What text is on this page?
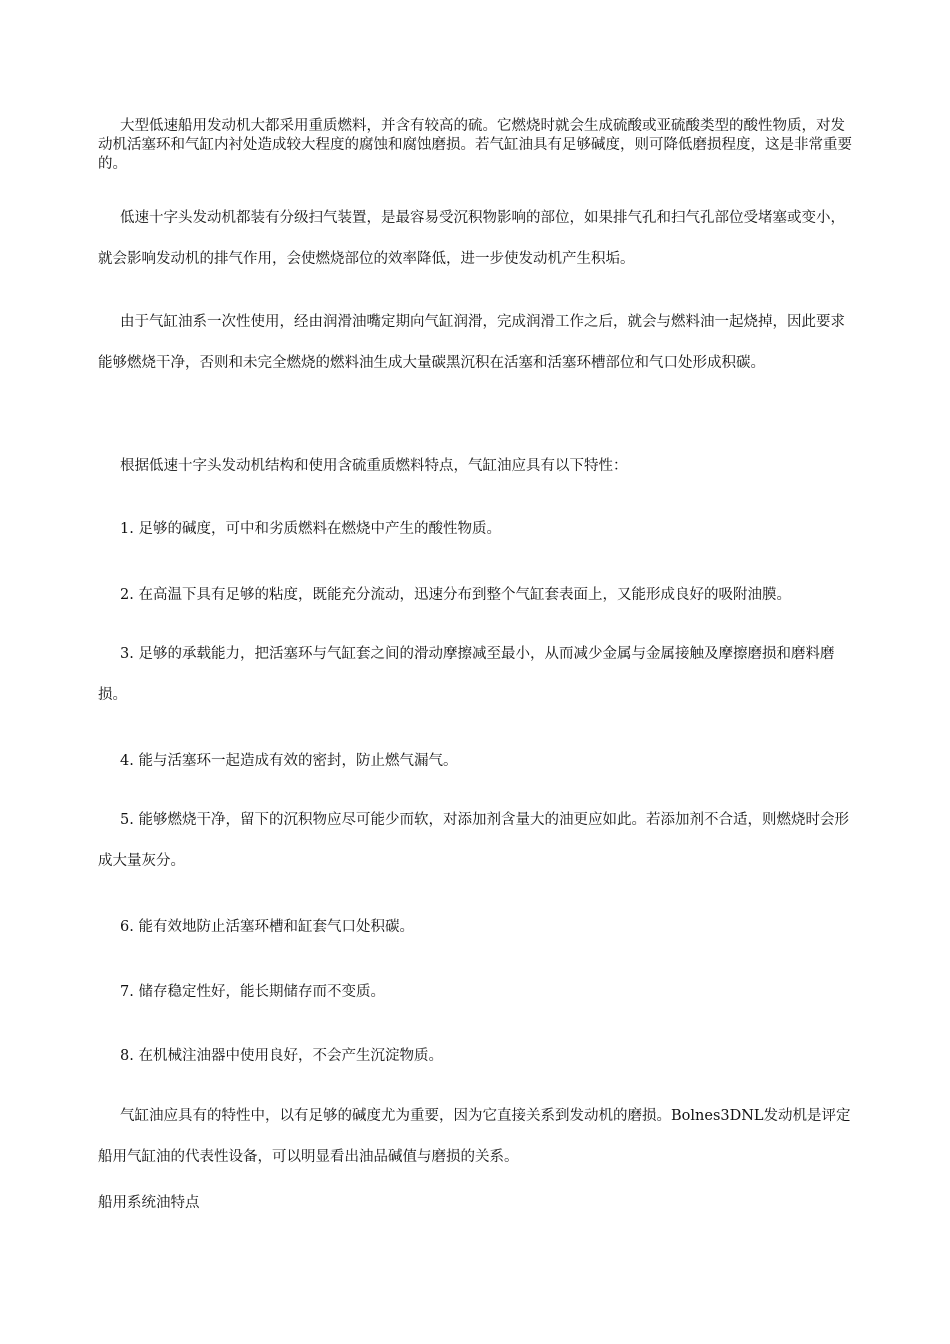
大型低速船用发动机大都采用重质燃料，并含有较高的硫。它燃烧时就会生成硫酸或亚硫酸类型的酸性物质，对发动机活塞环和气缸内衬处造成较大程度的腐蚀和腐蚀磨损。若气缸油具有足够碱度，则可降低磨损程度，这是非常重要的。

低速十字头发动机都装有分级扫气装置，是最容易受沉积物影响的部位，如果排气孔和扫气孔部位受堵塞或变小，就会影响发动机的排气作用，会使燃烧部位的效率降低，进一步使发动机产生积垢。

由于气缸油系一次性使用，经由润滑油嘴定期向气缸润滑，完成润滑工作之后，就会与燃料油一起烧掉，因此要求能够燃烧干净，否则和未完全燃烧的燃料油生成大量碳黑沉积在活塞和活塞环槽部位和气口处形成积碳。

根据低速十字头发动机结构和使用含硫重质燃料特点，气缸油应具有以下特性：

1. 足够的碱度，可中和劣质燃料在燃烧中产生的酸性物质。

2. 在高温下具有足够的粘度，既能充分流动，迅速分布到整个气缸套表面上，又能形成良好的吸附油膜。

3. 足够的承载能力，把活塞环与气缸套之间的滑动摩擦减至最小，从而减少金属与金属接触及摩擦磨损和磨料磨损。

4. 能与活塞环一起造成有效的密封，防止燃气漏气。

5. 能够燃烧干净，留下的沉积物应尽可能少而软，对添加剂含量大的油更应如此。若添加剂不合适，则燃烧时会形成大量灰分。

6. 能有效地防止活塞环槽和缸套气口处积碳。

7. 储存稳定性好，能长期储存而不变质。

8. 在机械注油器中使用良好，不会产生沉淀物质。

气缸油应具有的特性中，以有足够的碱度尤为重要，因为它直接关系到发动机的磨损。Bolnes3DNL发动机是评定船用气缸油的代表性设备，可以明显看出油品碱值与磨损的关系。

船用系统油特点
